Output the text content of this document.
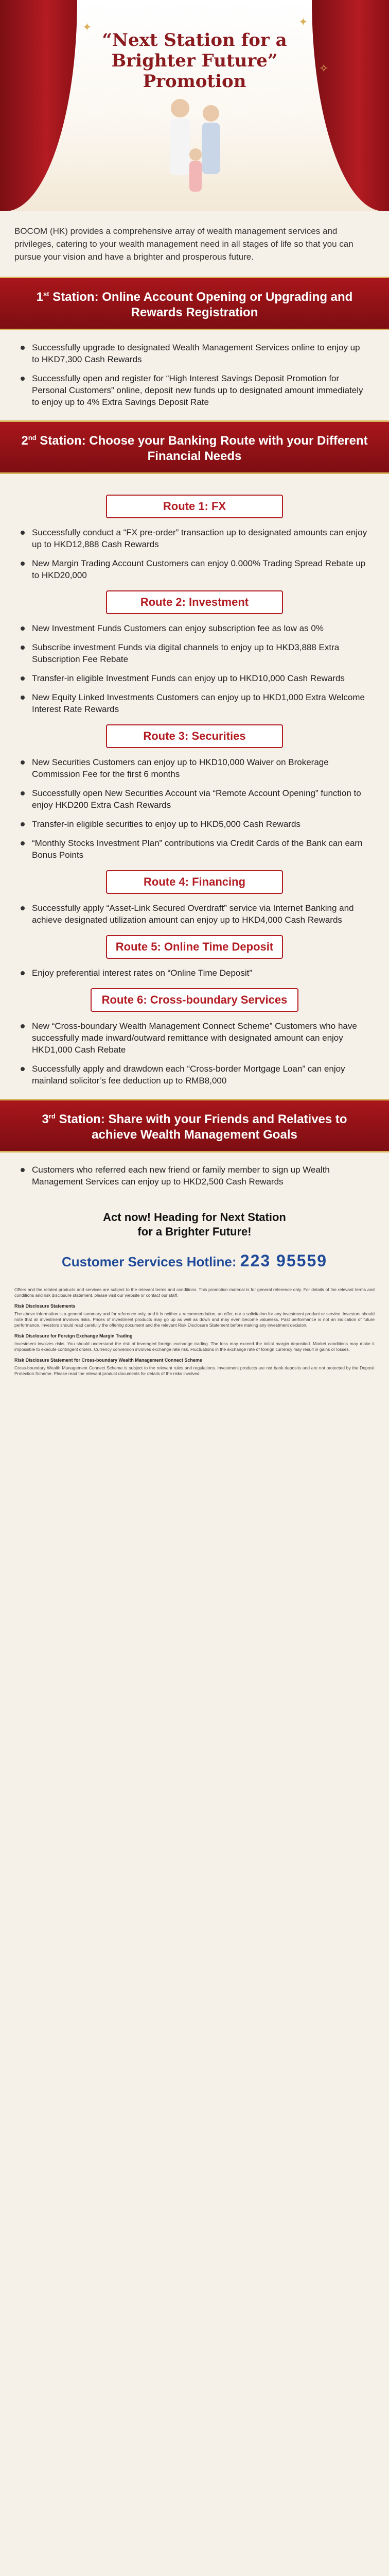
✦	✦
✧
“Next Station for a Brighter Future” Promotion
BOCOM (HK) provides a comprehensive array of wealth management services and privileges, catering to your wealth management need in all stages of life so that you can pursue your vision and have a brighter and prosperous future.
1st Station: Online Account Opening or Upgrading and Rewards Registration
Successfully upgrade to designated Wealth Management Services online to enjoy up to HKD7,300 Cash Rewards
Successfully open and register for “High Interest Savings Deposit Promotion for Personal Customers” online, deposit new funds up to designated amount immediately to enjoy up to 4% Extra Savings Deposit Rate
2nd Station: Choose your Banking Route with your Different Financial Needs
Route 1: FX
Successfully conduct a “FX pre-order” transaction up to designated amounts can enjoy up to HKD12,888 Cash Rewards
New Margin Trading Account Customers can enjoy 0.000% Trading Spread Rebate up to HKD20,000
Route 2: Investment
New Investment Funds Customers can enjoy subscription fee as low as 0%
Subscribe investment Funds via digital channels to enjoy up to HKD3,888 Extra Subscription Fee Rebate
Transfer-in eligible Investment Funds can enjoy up to HKD10,000 Cash Rewards
New Equity Linked Investments Customers can enjoy up to HKD1,000 Extra Welcome Interest Rate Rewards
Route 3: Securities
New Securities Customers can enjoy up to HKD10,000 Waiver on Brokerage Commission Fee for the first 6 months
Successfully open New Securities Account via “Remote Account Opening” function to enjoy HKD200 Extra Cash Rewards
Transfer-in eligible securities to enjoy up to HKD5,000 Cash Rewards
“Monthly Stocks Investment Plan” contributions via Credit Cards of the Bank can earn Bonus Points
Route 4: Financing
Successfully apply “Asset-Link Secured Overdraft” service via Internet Banking and achieve designated utilization amount can enjoy up to HKD4,000 Cash Rewards
Route 5: Online Time Deposit
Enjoy preferential interest rates on “Online Time Deposit”
Route 6: Cross-boundary Services
New “Cross-boundary Wealth Management Connect Scheme” Customers who have successfully made inward/outward remittance with designated amount can enjoy HKD1,000 Cash Rebate
Successfully apply and drawdown each “Cross-border Mortgage Loan” can enjoy mainland solicitor’s fee deduction up to RMB8,000
3rd Station: Share with your Friends and Relatives to achieve Wealth Management Goals
Customers who referred each new friend or family member to sign up Wealth Management Services can enjoy up to HKD2,500 Cash Rewards
Act now! Heading for Next Station
for a Brighter Future!
Customer Services Hotline: 223 95559

Offers and the related products and services are subject to the relevant terms and conditions. This promotion material is for general reference only. For details of the relevant terms and conditions and risk disclosure statement, please visit our website or contact our staff.

Risk Disclosure Statements

The above information is a general summary and for reference only, and it is neither a recommendation, an offer, nor a solicitation for any investment product or service. Investors should note that all investment involves risks. Prices of investment products may go up as well as down and may even become valueless. Past performance is not an indication of future performance. Investors should read carefully the offering document and the relevant Risk Disclosure Statement before making any investment decision.

Risk Disclosure for Foreign Exchange Margin Trading

Investment involves risks. You should understand the risk of leveraged foreign exchange trading. The loss may exceed the initial margin deposited. Market conditions may make it impossible to execute contingent orders. Currency conversion involves exchange rate risk. Fluctuations in the exchange rate of foreign currency may result in gains or losses.

Risk Disclosure Statement for Cross-boundary Wealth Management Connect Scheme

Cross-boundary Wealth Management Connect Scheme is subject to the relevant rules and regulations. Investment products are not bank deposits and are not protected by the Deposit Protection Scheme. Please read the relevant product documents for details of the risks involved.
